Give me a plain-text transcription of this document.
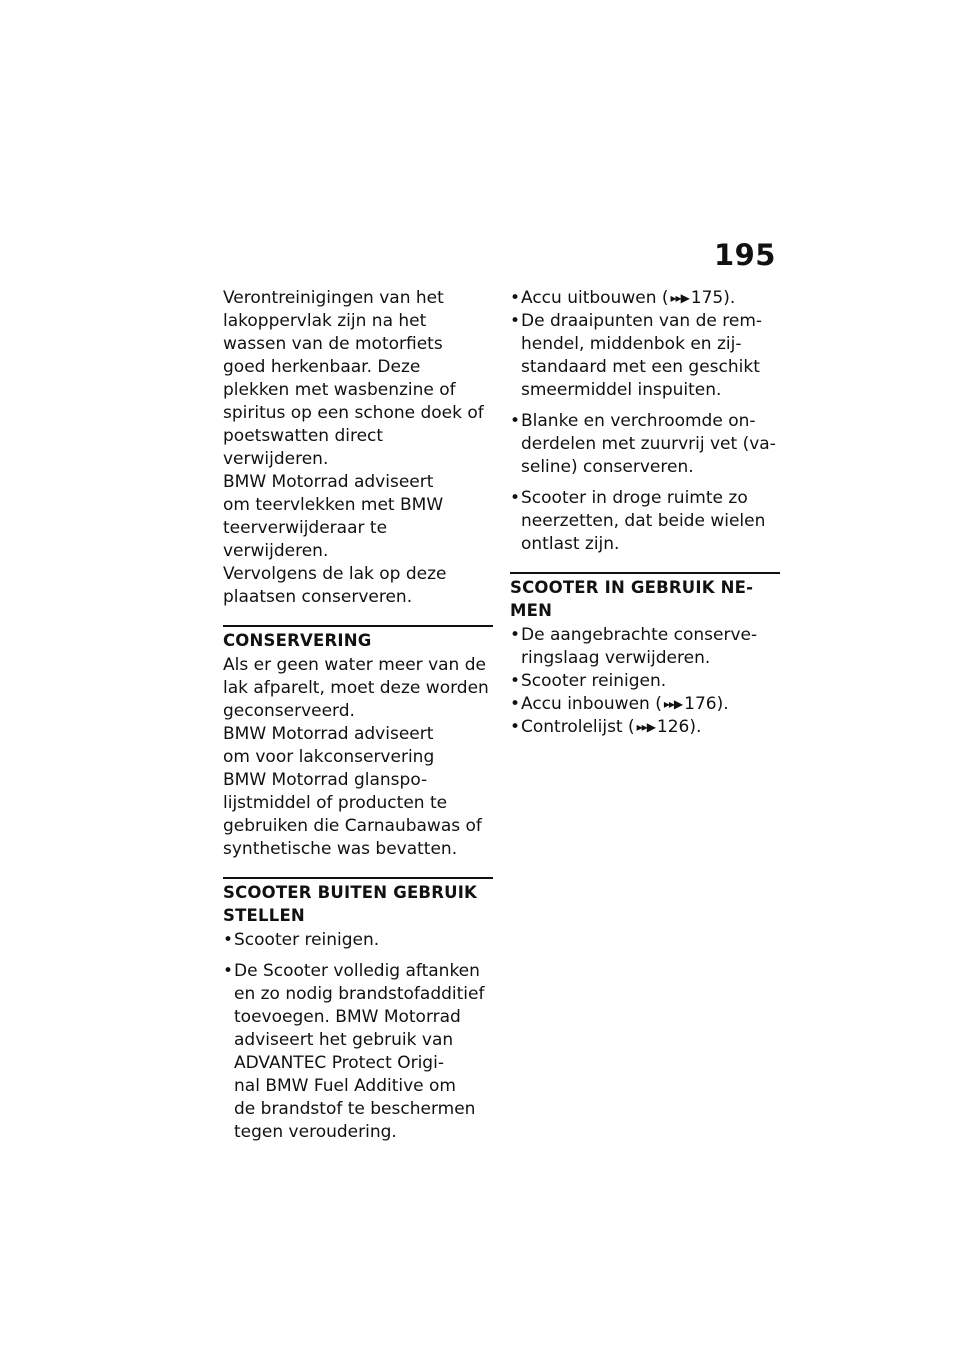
195

Verontreinigingen van het
lakoppervlak zijn na het
wassen van de motorfiets
goed herkenbaar. Deze
plekken met wasbenzine of
spiritus op een schone doek of
poetswatten direct verwijderen.

BMW Motorrad adviseert
om teervlekken met BMW
teerverwijderaar te verwijderen.
Vervolgens de lak op deze
plaatsen conserveren.

CONSERVERING

Als er geen water meer van de
lak afparelt, moet deze worden
geconserveerd.

BMW Motorrad adviseert
om voor lakconservering
BMW Motorrad glanspo-
lijstmiddel of producten te
gebruiken die Carnaubawas of
synthetische was bevatten.

SCOOTER BUITEN GEBRUIK
STELLEN
• Scooter reinigen.
• De Scooter volledig aftanken
en zo nodig brandstofadditief
toevoegen. BMW Motorrad
adviseert het gebruik van
ADVANTEC Protect Origi-
nal BMW Fuel Additive om
de brandstof te beschermen
tegen veroudering.
• Accu uitbouwen ( ▸▸▶ 175).
• De draaipunten van de rem-
hendel, middenbok en zij-
standaard met een geschikt
smeermiddel inspuiten.
• Blanke en verchroomde on-
derdelen met zuurvrij vet (va-
seline) conserveren.
• Scooter in droge ruimte zo
neerzetten, dat beide wielen
ontlast zijn.
SCOOTER IN GEBRUIK NE-
MEN
• De aangebrachte conserve-
ringslaag verwijderen.
• Scooter reinigen.
• Accu inbouwen ( ▸▸▶ 176).
• Controlelijst ( ▸▸▶ 126).
